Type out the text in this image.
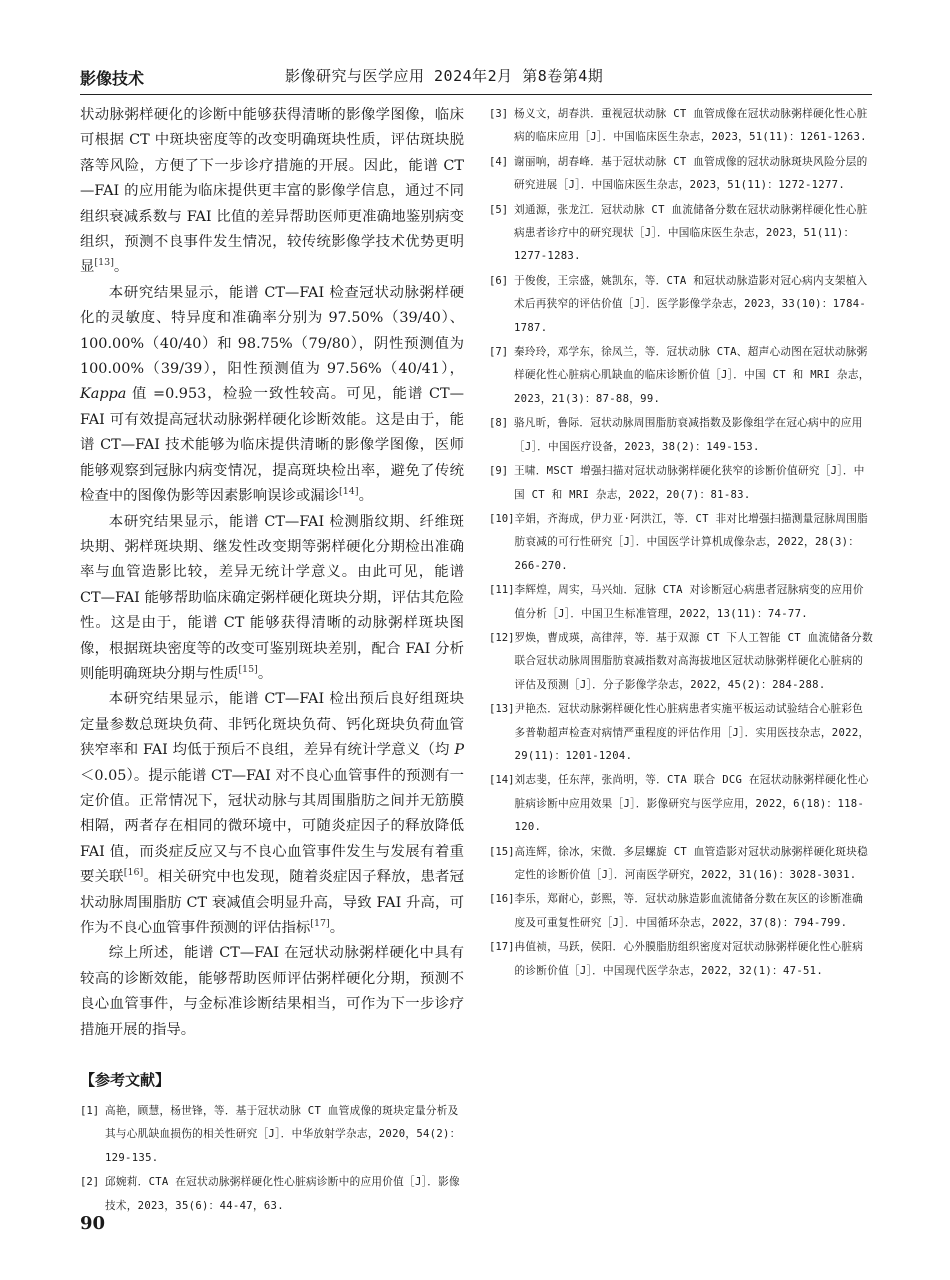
影像技术	影像研究与医学应用 2024年2月 第8卷第4期

状动脉粥样硬化的诊断中能够获得清晰的影像学图像，临床可根据 CT 中斑块密度等的改变明确斑块性质，评估斑块脱落等风险，方便了下一步诊疗措施的开展。因此，能谱 CT—FAI 的应用能为临床提供更丰富的影像学信息，通过不同组织衰减系数与 FAI 比值的差异帮助医师更准确地鉴别病变组织，预测不良事件发生情况，较传统影像学技术优势更明显[13]。

本研究结果显示，能谱 CT—FAI 检查冠状动脉粥样硬化的灵敏度、特异度和准确率分别为 97.50%（39/40）、100.00%（40/40）和 98.75%（79/80），阴性预测值为 100.00%（39/39），阳性预测值为 97.56%（40/41），Kappa 值 =0.953，检验一致性较高。可见，能谱 CT—FAI 可有效提高冠状动脉粥样硬化诊断效能。这是由于，能谱 CT—FAI 技术能够为临床提供清晰的影像学图像，医师能够观察到冠脉内病变情况，提高斑块检出率，避免了传统检查中的图像伪影等因素影响误诊或漏诊[14]。

本研究结果显示，能谱 CT—FAI 检测脂纹期、纤维斑块期、粥样斑块期、继发性改变期等粥样硬化分期检出准确率与血管造影比较，差异无统计学意义。由此可见，能谱 CT—FAI 能够帮助临床确定粥样硬化斑块分期，评估其危险性。这是由于，能谱 CT 能够获得清晰的动脉粥样斑块图像，根据斑块密度等的改变可鉴别斑块差别，配合 FAI 分析则能明确斑块分期与性质[15]。

本研究结果显示，能谱 CT—FAI 检出预后良好组斑块定量参数总斑块负荷、非钙化斑块负荷、钙化斑块负荷血管狭窄率和 FAI 均低于预后不良组，差异有统计学意义（均 P＜0.05）。提示能谱 CT—FAI 对不良心血管事件的预测有一定价值。正常情况下，冠状动脉与其周围脂肪之间并无筋膜相隔，两者存在相同的微环境中，可随炎症因子的释放降低 FAI 值，而炎症反应又与不良心血管事件发生与发展有着重要关联[16]。相关研究中也发现，随着炎症因子释放，患者冠状动脉周围脂肪 CT 衰减值会明显升高，导致 FAI 升高，可作为不良心血管事件预测的评估指标[17]。

综上所述，能谱 CT—FAI 在冠状动脉粥样硬化中具有较高的诊断效能，能够帮助医师评估粥样硬化分期，预测不良心血管事件，与金标准诊断结果相当，可作为下一步诊疗措施开展的指导。

【参考文献】
[1] 高艳，顾慧，杨世锋，等．基于冠状动脉 CT 血管成像的斑块定量分析及其与心肌缺血损伤的相关性研究［J］．中华放射学杂志，2020，54(2)：129-135.
[2] 邱婉莉．CTA 在冠状动脉粥样硬化性心脏病诊断中的应用价值［J］．影像技术，2023，35(6)：44-47，63.
[3] 杨义文，胡春洪．重视冠状动脉 CT 血管成像在冠状动脉粥样硬化性心脏病的临床应用［J］．中国临床医生杂志，2023，51(11)：1261-1263.
[4] 谢丽响，胡春峰．基于冠状动脉 CT 血管成像的冠状动脉斑块风险分层的研究进展［J］．中国临床医生杂志，2023，51(11)：1272-1277.
[5] 刘通源，张龙江．冠状动脉 CT 血流储备分数在冠状动脉粥样硬化性心脏病患者诊疗中的研究现状［J］．中国临床医生杂志，2023，51(11)：1277-1283.
[6] 于俊俊，王宗盛，姚凯东，等．CTA 和冠状动脉造影对冠心病内支架植入术后再狭窄的评估价值［J］．医学影像学杂志，2023，33(10)：1784-1787.
[7] 秦玲玲，邓学东，徐凤兰，等．冠状动脉 CTA、超声心动图在冠状动脉粥样硬化性心脏病心肌缺血的临床诊断价值［J］．中国 CT 和 MRI 杂志，2023，21(3)：87-88，99.
[8] 骆凡昕，鲁际．冠状动脉周围脂肪衰减指数及影像组学在冠心病中的应用［J］．中国医疗设备，2023，38(2)：149-153.
[9] 王啸．MSCT 增强扫描对冠状动脉粥样硬化狭窄的诊断价值研究［J］．中国 CT 和 MRI 杂志，2022，20(7)：81-83.
[10] 辛娟，齐海成，伊力亚·阿洪江，等．CT 非对比增强扫描测量冠脉周围脂肪衰减的可行性研究［J］．中国医学计算机成像杂志，2022，28(3)：266-270.
[11] 李辉煌，周实，马兴灿．冠脉 CTA 对诊断冠心病患者冠脉病变的应用价值分析［J］．中国卫生标准管理，2022，13(11)：74-77.
[12] 罗焕，曹成瑛，高律萍，等．基于双源 CT 下人工智能 CT 血流储备分数联合冠状动脉周围脂肪衰减指数对高海拔地区冠状动脉粥样硬化心脏病的评估及预测［J］．分子影像学杂志，2022，45(2)：284-288.
[13] 尹艳杰．冠状动脉粥样硬化性心脏病患者实施平板运动试验结合心脏彩色多普勒超声检查对病情严重程度的评估作用［J］．实用医技杂志，2022，29(11)：1201-1204.
[14] 刘志斐，任东萍，张尚明，等．CTA 联合 DCG 在冠状动脉粥样硬化性心脏病诊断中应用效果［J］．影像研究与医学应用，2022，6(18)：118-120.
[15] 高连辉，徐冰，宋微．多层螺旋 CT 血管造影对冠状动脉粥样硬化斑块稳定性的诊断价值［J］．河南医学研究，2022，31(16)：3028-3031.
[16] 李乐，郑耐心，彭熙，等．冠状动脉造影血流储备分数在灰区的诊断准确度及可重复性研究［J］．中国循环杂志，2022，37(8)：794-799.
[17] 冉值祯，马跃，侯阳．心外膜脂肪组织密度对冠状动脉粥样硬化性心脏病的诊断价值［J］．中国现代医学杂志，2022，32(1)：47-51.
90
